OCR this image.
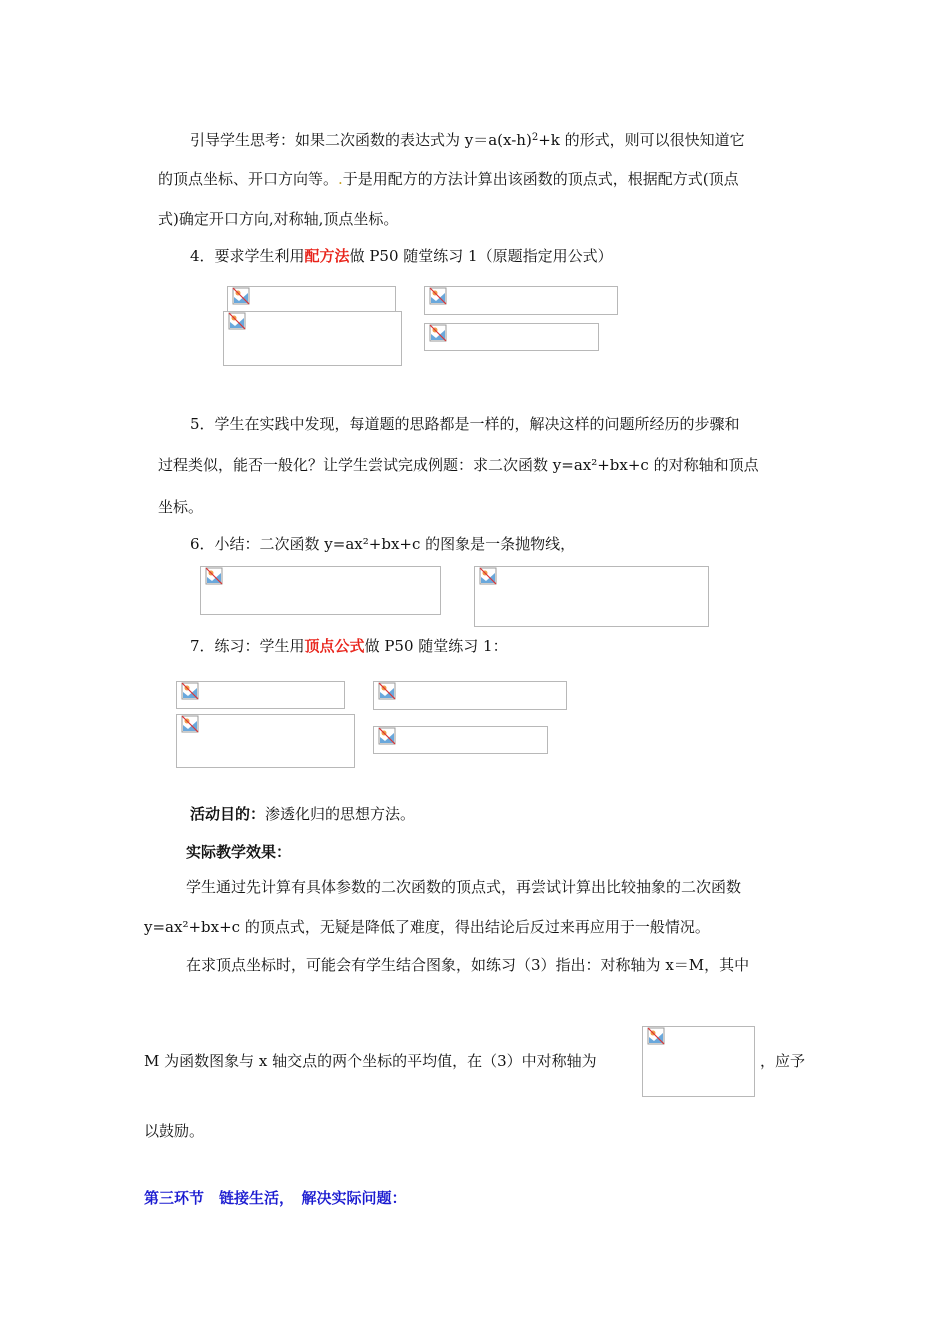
引导学生思考：如果二次函数的表达式为 $y=a(x-h)^2+k$ 的形式，则可以很快知道它
的顶点坐标、开口方向等。.于是用配方的方法计算出该函数的顶点式，根据配方式(顶点
式)确定开口方向,对称轴,顶点坐标。
4．要求学生利用配方法做 P50 随堂练习 1（原题指定用公式）
5．学生在实践中发现，每道题的思路都是一样的，解决这样的问题所经历的步骤和
过程类似，能否一般化？让学生尝试完成例题：求二次函数 y=ax²+bx+c 的对称轴和顶点
坐标。
6．小结：二次函数 y=ax²+bx+c 的图象是一条抛物线，
7．练习：学生用顶点公式做 P50 随堂练习 1：
活动目的：渗透化归的思想方法。
实际教学效果：
学生通过先计算有具体参数的二次函数的顶点式，再尝试计算出比较抽象的二次函数
y=ax²+bx+c 的顶点式，无疑是降低了难度，得出结论后反过来再应用于一般情况。
在求顶点坐标时，可能会有学生结合图象，如练习（3）指出：对称轴为 x＝M，其中
M 为函数图象与 x 轴交点的两个坐标的平均值，在（3）中对称轴为	，应予
以鼓励。
第三环节　链接生活，　解决实际问题：
